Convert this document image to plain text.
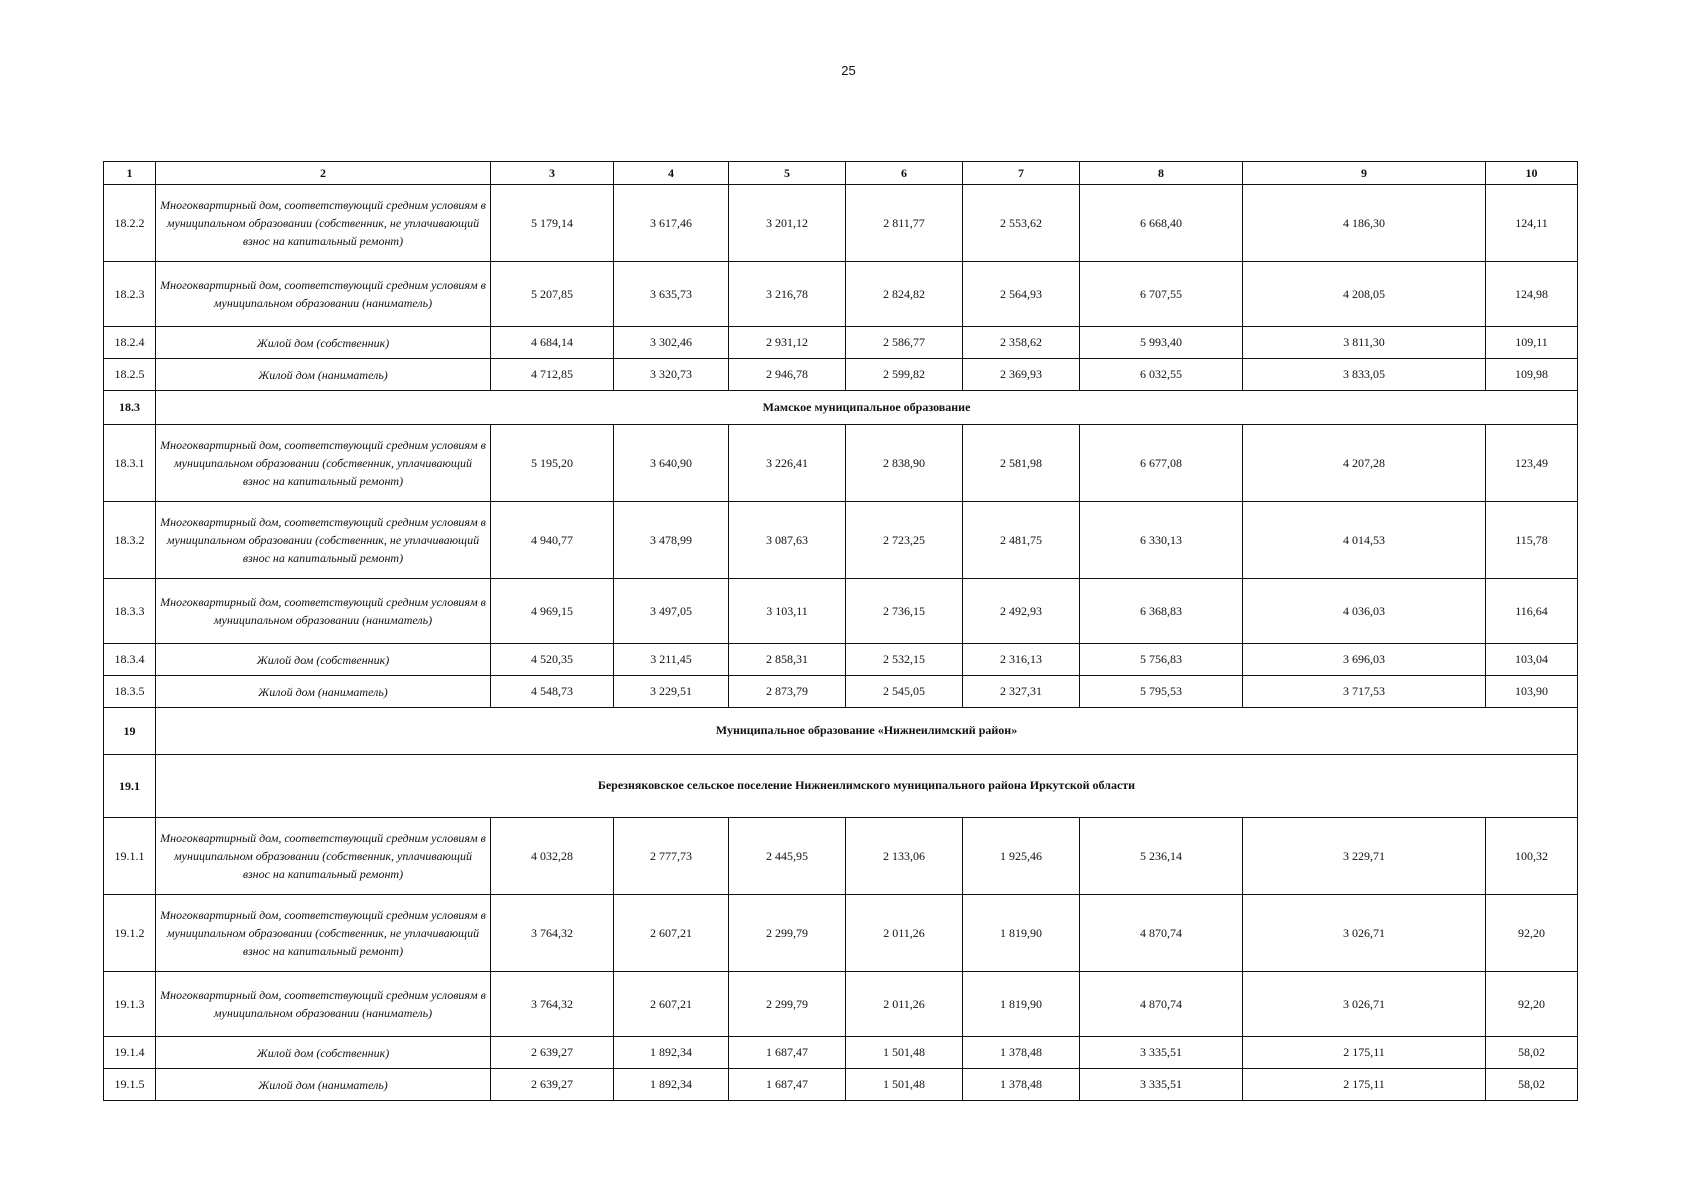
25
1	2	3	4	5	6	7	8	9	10
18.2.2	Многоквартирный дом, соответствующий средним условиям в муниципальном образовании (собственник, не уплачивающий взнос на капитальный ремонт)	5 179,14	3 617,46	3 201,12	2 811,77	2 553,62	6 668,40	4 186,30	124,11
18.2.3	Многоквартирный дом, соответствующий средним условиям в муниципальном образовании (наниматель)	5 207,85	3 635,73	3 216,78	2 824,82	2 564,93	6 707,55	4 208,05	124,98
18.2.4	Жилой дом (собственник)	4 684,14	3 302,46	2 931,12	2 586,77	2 358,62	5 993,40	3 811,30	109,11
18.2.5	Жилой дом (наниматель)	4 712,85	3 320,73	2 946,78	2 599,82	2 369,93	6 032,55	3 833,05	109,98
18.3	Мамское муниципальное образование								
18.3.1	Многоквартирный дом, соответствующий средним условиям в муниципальном образовании (собственник, уплачивающий взнос на капитальный ремонт)	5 195,20	3 640,90	3 226,41	2 838,90	2 581,98	6 677,08	4 207,28	123,49
18.3.2	Многоквартирный дом, соответствующий средним условиям в муниципальном образовании (собственник, не уплачивающий взнос на капитальный ремонт)	4 940,77	3 478,99	3 087,63	2 723,25	2 481,75	6 330,13	4 014,53	115,78
18.3.3	Многоквартирный дом, соответствующий средним условиям в муниципальном образовании (наниматель)	4 969,15	3 497,05	3 103,11	2 736,15	2 492,93	6 368,83	4 036,03	116,64
18.3.4	Жилой дом (собственник)	4 520,35	3 211,45	2 858,31	2 532,15	2 316,13	5 756,83	3 696,03	103,04
18.3.5	Жилой дом (наниматель)	4 548,73	3 229,51	2 873,79	2 545,05	2 327,31	5 795,53	3 717,53	103,90
19	Муниципальное образование «Нижнеилимский район»								
19.1	Березняковское сельское поселение Нижнеилимского муниципального района Иркутской области								
19.1.1	Многоквартирный дом, соответствующий средним условиям в муниципальном образовании (собственник, уплачивающий взнос на капитальный ремонт)	4 032,28	2 777,73	2 445,95	2 133,06	1 925,46	5 236,14	3 229,71	100,32
19.1.2	Многоквартирный дом, соответствующий средним условиям в муниципальном образовании (собственник, не уплачивающий взнос на капитальный ремонт)	3 764,32	2 607,21	2 299,79	2 011,26	1 819,90	4 870,74	3 026,71	92,20
19.1.3	Многоквартирный дом, соответствующий средним условиям в муниципальном образовании (наниматель)	3 764,32	2 607,21	2 299,79	2 011,26	1 819,90	4 870,74	3 026,71	92,20
19.1.4	Жилой дом (собственник)	2 639,27	1 892,34	1 687,47	1 501,48	1 378,48	3 335,51	2 175,11	58,02
19.1.5	Жилой дом (наниматель)	2 639,27	1 892,34	1 687,47	1 501,48	1 378,48	3 335,51	2 175,11	58,02
